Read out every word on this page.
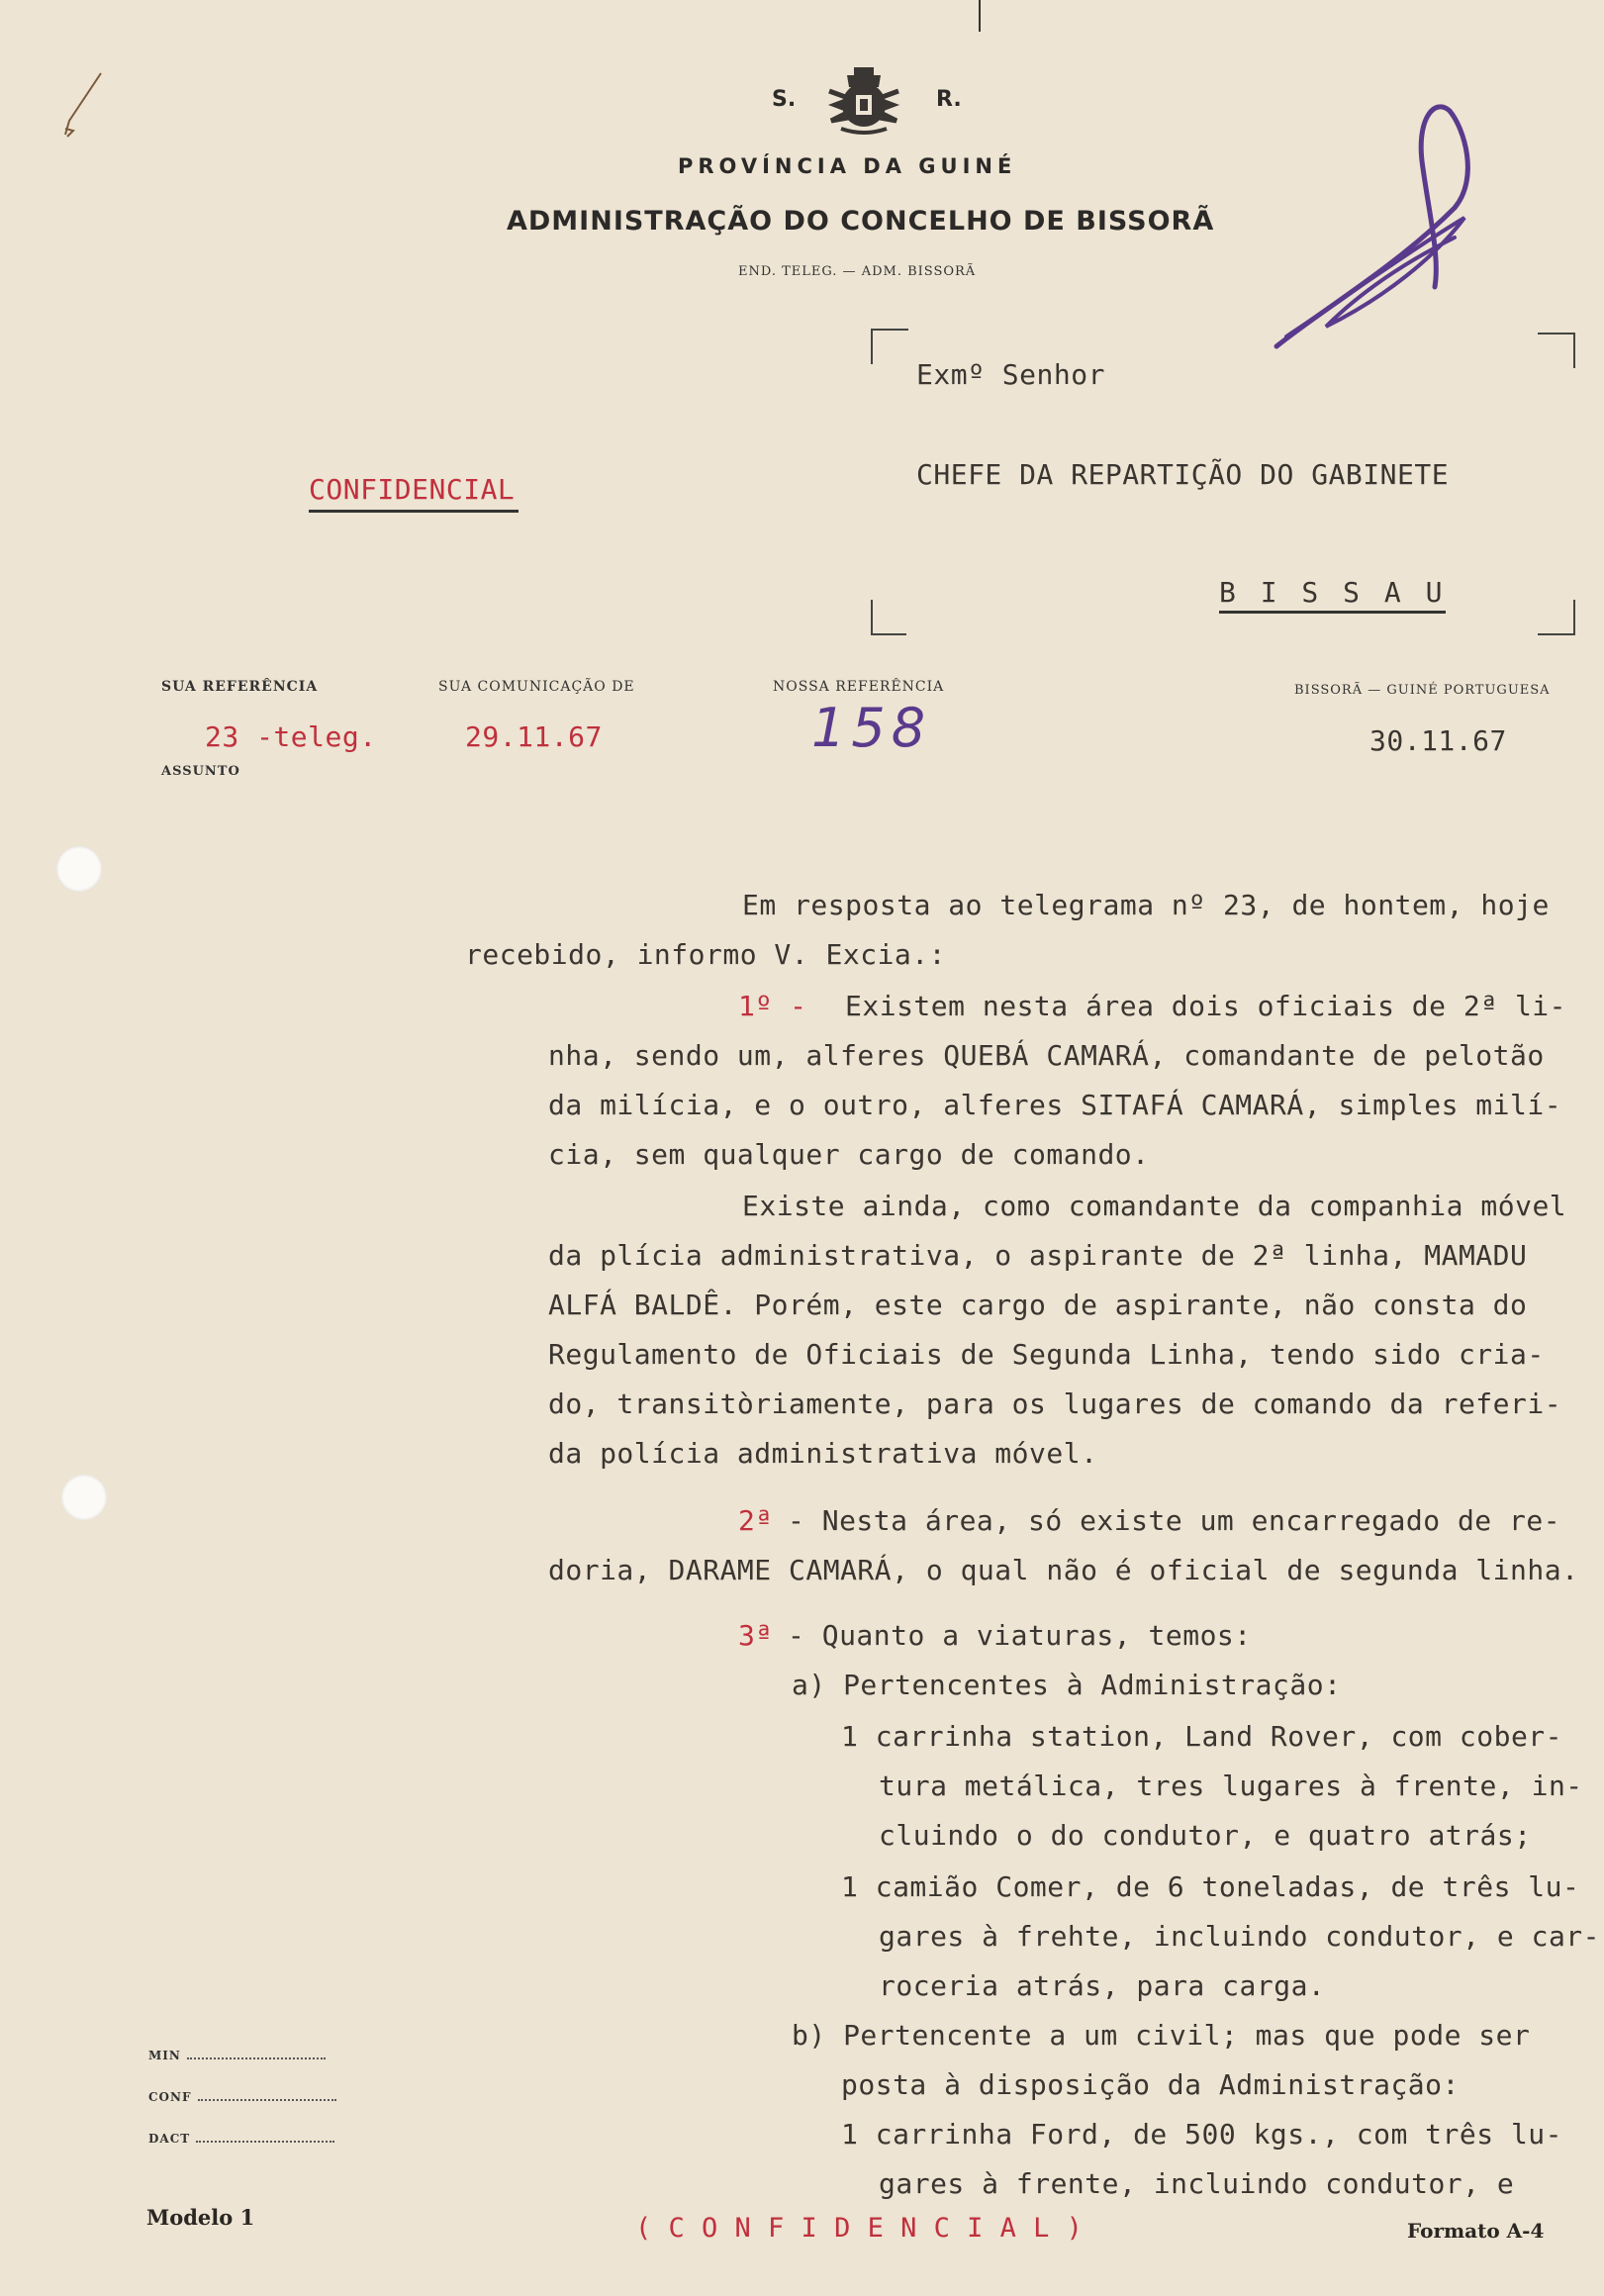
S.	R.
PROVÍNCIA DA GUINÉ
ADMINISTRAÇÃO DO CONCELHO DE BISSORÃ
END. TELEG. — ADM. BISSORÃ
Exmº Senhor
CHEFE DA REPARTIÇÃO DO GABINETE
B I S S A U
CONFIDENCIAL
SUA REFERÊNCIA
23 -teleg.
ASSUNTO
SUA COMUNICAÇÃO DE
29.11.67
NOSSA REFERÊNCIA
158
BISSORÃ — GUINÉ PORTUGUESA
30.11.67
Em resposta ao telegrama nº 23, de hontem, hoje
recebido, informo V. Excia.:
1º - Existem nesta área dois oficiais de 2ª li-
nha, sendo um, alferes QUEBÁ CAMARÁ, comandante de pelotão
da milícia, e o outro, alferes SITAFÁ CAMARÁ, simples milí-
cia, sem qualquer cargo de comando.
Existe ainda, como comandante da companhia móvel
da plícia administrativa, o aspirante de 2ª linha, MAMADU
ALFÁ BALDÊ. Porém, este cargo de aspirante, não consta do
Regulamento de Oficiais de Segunda Linha, tendo sido cria-
do, transitòriamente, para os lugares de comando da referi-
da polícia administrativa móvel.
2ª - Nesta área, só existe um encarregado de re-
doria, DARAME CAMARÁ, o qual não é oficial de segunda linha.
3ª - Quanto a viaturas, temos:
a) Pertencentes à Administração:
1 carrinha station, Land Rover, com cober-
tura metálica, tres lugares à frente, in-
cluindo o do condutor, e quatro atrás;
1 camião Comer, de 6 toneladas, de três lu-
gares à frehte, incluindo condutor, e car-
roceria atrás, para carga.
b) Pertencente a um civil; mas que pode ser
posta à disposição da Administração:
1 carrinha Ford, de 500 kgs., com três lu-
gares à frente, incluindo condutor, e
MIN
CONF
DACT
Modelo 1	( C O N F I D E N C I A L )	Formato A-4
